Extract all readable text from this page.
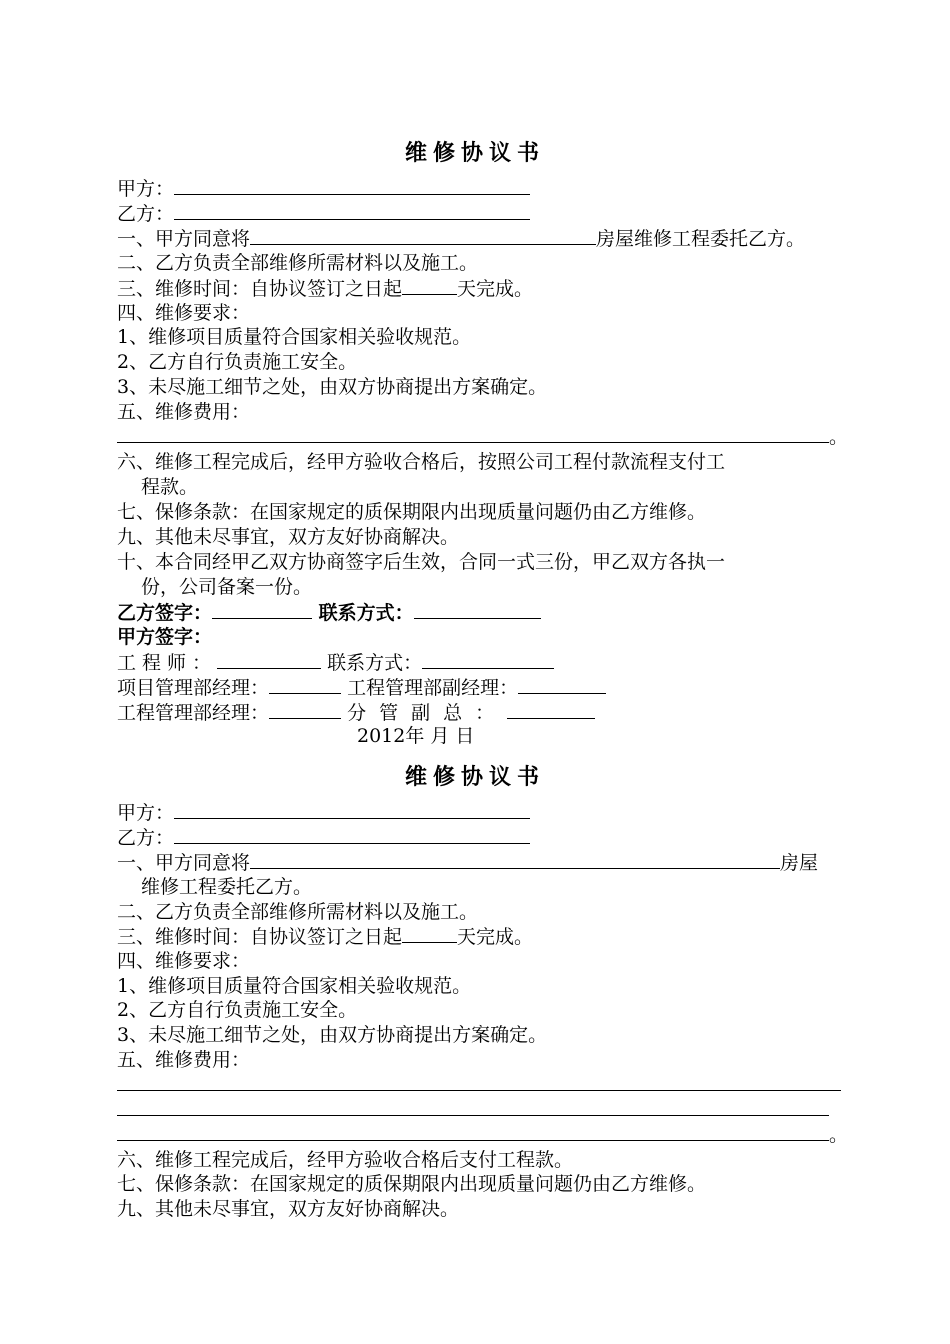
维修协议书
甲方：
乙方：
一、甲方同意将	房屋维修工程委托乙方。
二、乙方负责全部维修所需材料以及施工。
三、维修时间：自协议签订之日起	天完成。
四、维修要求：
1、维修项目质量符合国家相关验收规范。
2、乙方自行负责施工安全。
3、未尽施工细节之处，由双方协商提出方案确定。
五、维修费用：
。
六、维修工程完成后，经甲方验收合格后，按照公司工程付款流程支付工
程款。
七、保修条款：在国家规定的质保期限内出现质量问题仍由乙方维修。
九、其他未尽事宜，双方友好协商解决。
十、本合同经甲乙双方协商签字后生效，合同一式三份，甲乙双方各执一
份，公司备案一份。
乙方签字：	联系方式：
甲方签字：
工程师：	联系方式：
项目管理部经理：	工程管理部副经理：
工程管理部经理：	分管副总：
2012年 月 日
维修协议书
甲方：
乙方：
一、甲方同意将	房屋
维修工程委托乙方。
二、乙方负责全部维修所需材料以及施工。
三、维修时间：自协议签订之日起	天完成。
四、维修要求：
1、维修项目质量符合国家相关验收规范。
2、乙方自行负责施工安全。
3、未尽施工细节之处，由双方协商提出方案确定。
五、维修费用：
。
六、维修工程完成后，经甲方验收合格后支付工程款。
七、保修条款：在国家规定的质保期限内出现质量问题仍由乙方维修。
九、其他未尽事宜，双方友好协商解决。
